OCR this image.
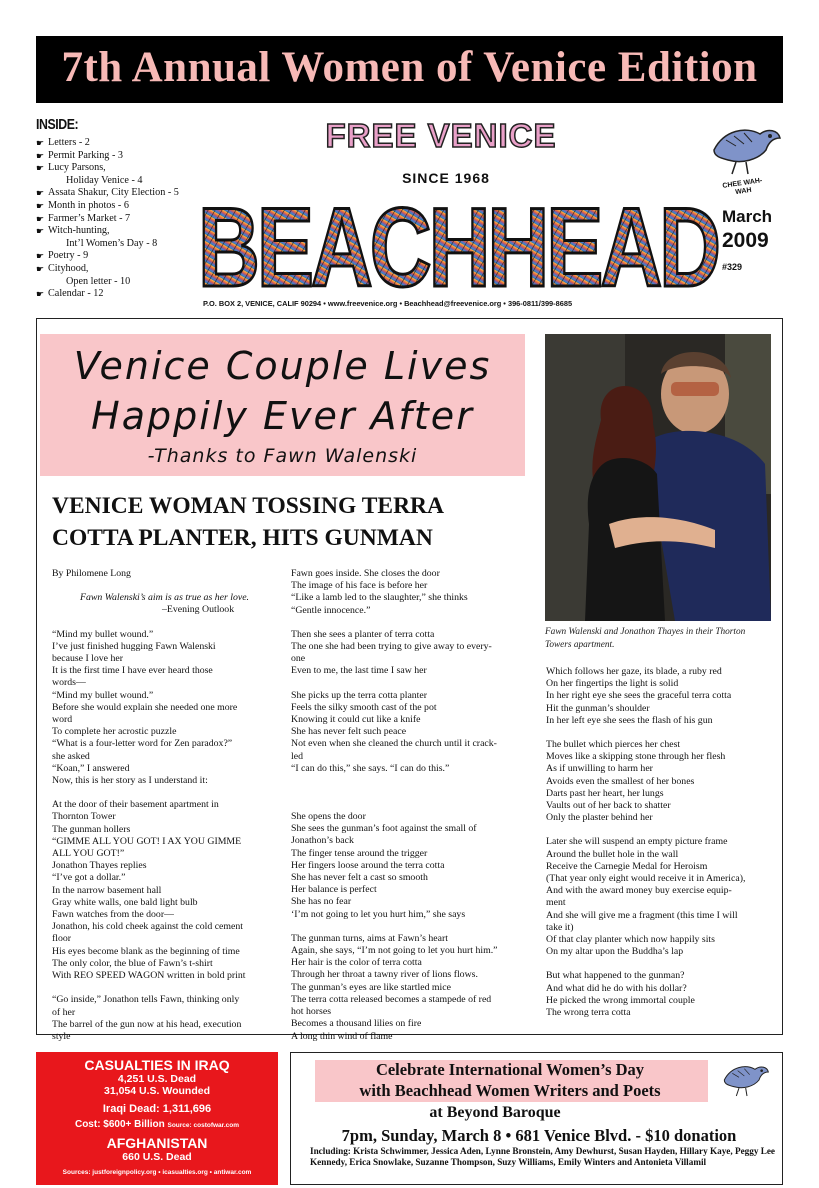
7th Annual Women of Venice Edition
INSIDE:
☛ Letters - 2
☛ Permit Parking - 3
☛ Lucy Parsons,
Holiday Venice - 4
☛ Assata Shakur, City Election - 5
☛ Month in photos - 6
☛ Farmer’s Market - 7
☛ Witch-hunting,
Int’l Women’s Day - 8
☛ Poetry - 9
☛ Cityhood,
Open letter - 10
☛ Calendar - 12
FREE VENICE
SINCE 1968
BEACHHEAD
CHEE WAH-WAH
March
2009
#329
P.O. BOX 2, VENICE, CALIF 90294 • www.freevenice.org • Beachhead@freevenice.org • 396-0811/399-8685
Venice Couple Lives
Happily Ever After
-Thanks to Fawn Walenski
VENICE WOMAN TOSSING TERRA COTTA PLANTER, HITS GUNMAN
Fawn Walenski and Jonathon Thayes in their Thorton Towers apartment.

By Philomene Long

Fawn Walenski’s aim is as true as her love.

–Evening Outlook

“Mind my bullet wound.”

I’ve just finished hugging Fawn Walenski

because I love her

It is the first time I have ever heard those

words—

“Mind my bullet wound.”

Before she would explain she needed one more

word

To complete her acrostic puzzle

“What is a four-letter word for Zen paradox?”

she asked

“Koan,” I answered

Now, this is her story as I understand it:

At the door of their basement apartment in

Thornton Tower

The gunman hollers

“GIMME ALL YOU GOT! I AX YOU GIMME

ALL YOU GOT!”

Jonathon Thayes replies

“I’ve got a dollar.”

In the narrow basement hall

Gray white walls, one bald light bulb

Fawn watches from the door—

Jonathon, his cold cheek against the cold cement

floor

His eyes become blank as the beginning of time

The only color, the blue of Fawn’s t-shirt

With REO SPEED WAGON written in bold print

“Go inside,” Jonathon tells Fawn, thinking only

of her

The barrel of the gun now at his head, execution

style

Fawn goes inside. She closes the door

The image of his face is before her

“Like a lamb led to the slaughter,” she thinks

“Gentle innocence.”

Then she sees a planter of terra cotta

The one she had been trying to give away to every-

one

Even to me, the last time I saw her

She picks up the terra cotta planter

Feels the silky smooth cast of the pot

Knowing it could cut like a knife

She has never felt such peace

Not even when she cleaned the church until it crack-

led

“I can do this,” she says. “I can do this.”

She opens the door

She sees the gunman’s foot against the small of

Jonathon’s back

The finger tense around the trigger

Her fingers loose around the terra cotta

She has never felt a cast so smooth

Her balance is perfect

She has no fear

‘I’m not going to let you hurt him,” she says

The gunman turns, aims at Fawn’s heart

Again, she says, “I’m not going to let you hurt him.”

Her hair is the color of terra cotta

Through her throat a tawny river of lions flows.

The gunman’s eyes are like startled mice

The terra cotta released becomes a stampede of red

hot horses

Becomes a thousand lilies on fire

A long thin wind of flame

Which follows her gaze, its blade, a ruby red

On her fingertips the light is solid

In her right eye she sees the graceful terra cotta

Hit the gunman’s shoulder

In her left eye she sees the flash of his gun

The bullet which pierces her chest

Moves like a skipping stone through her flesh

As if unwilling to harm her

Avoids even the smallest of her bones

Darts past her heart, her lungs

Vaults out of her back to shatter

Only the plaster behind her

Later she will suspend an empty picture frame

Around the bullet hole in the wall

Receive the Carnegie Medal for Heroism

(That year only eight would receive it in America),

And with the award money buy exercise equip-

ment

And she will give me a fragment (this time I will

take it)

Of that clay planter which now happily sits

On my altar upon the Buddha’s lap

But what happened to the gunman?

And what did he do with his dollar?

He picked the wrong immortal couple

The wrong terra cotta

CASUALTIES IN IRAQ
4,251 U.S. Dead
31,054 U.S. Wounded
Iraqi Dead: 1,311,696
Cost: $600+ Billion Source: costofwar.com
AFGHANISTAN
660 U.S. Dead
Sources: justforeignpolicy.org • icasualties.org • antiwar.com
Celebrate International Women’s Day
with Beachhead Women Writers and Poets
at Beyond Baroque
7pm, Sunday, March 8 • 681 Venice Blvd. - $10 donation
Including: Krista Schwimmer, Jessica Aden, Lynne Bronstein, Amy Dewhurst, Susan Hayden, Hillary Kaye, Peggy Lee Kennedy, Erica Snowlake, Suzanne Thompson, Suzy Williams, Emily Winters and Antonieta Villamil
